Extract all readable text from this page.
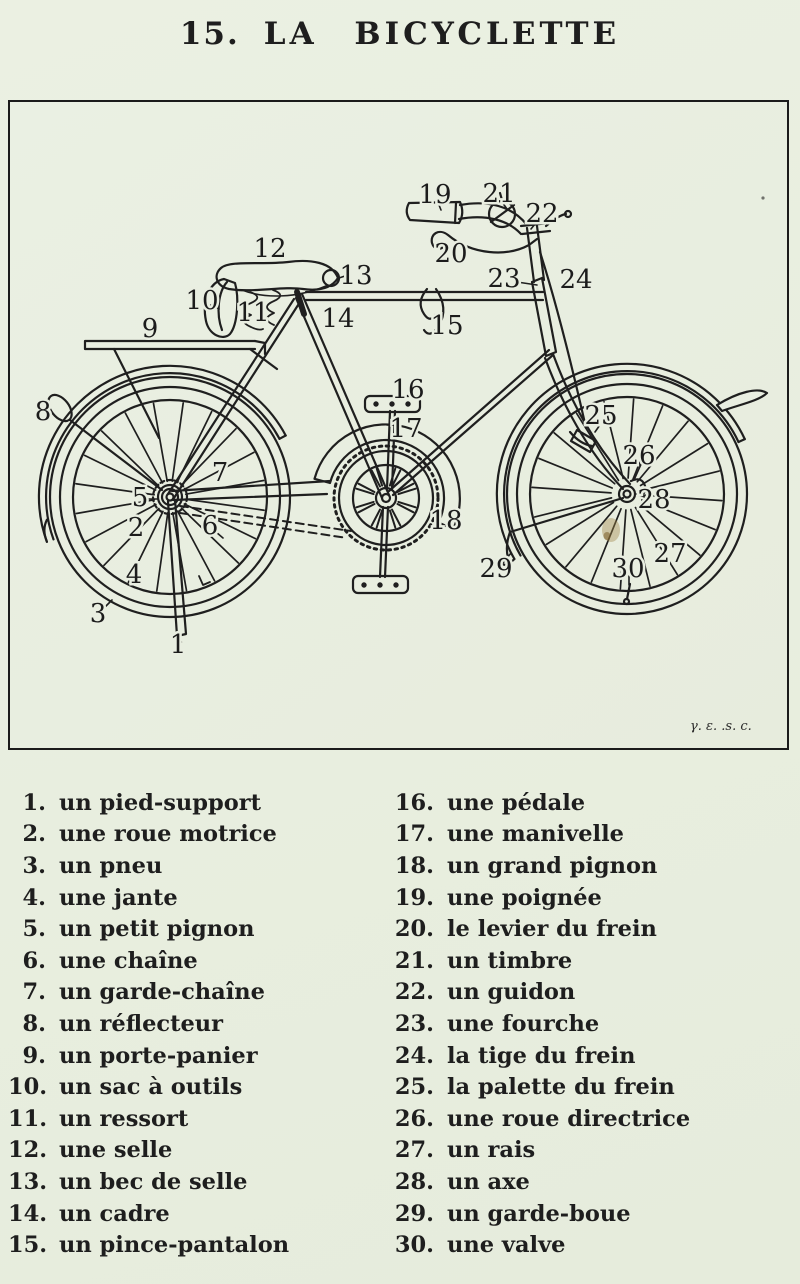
15. LA BICYCLETTE
1
2
3
4
5
6
7
8
9
10 11
12
13
14	15
16
17
18
19
20
21
22
23 24
25
26
27
28
29	30
γ. ε. .s. c.
1. un pied-support
2. une roue motrice
3. un pneu
4. une jante
5. un petit pignon
6. une chaîne
7. un garde-chaîne
8. un réflecteur
9. un porte-panier
10. un sac à outils
11. un ressort
12. une selle
13. un bec de selle
14. un cadre
15. un pince-pantalon
16. une pédale
17. une manivelle
18. un grand pignon
19. une poignée
20. le levier du frein
21. un timbre
22. un guidon
23. une fourche
24. la tige du frein
25. la palette du frein
26. une roue directrice
27. un rais
28. un axe
29. un garde-boue
30. une valve
